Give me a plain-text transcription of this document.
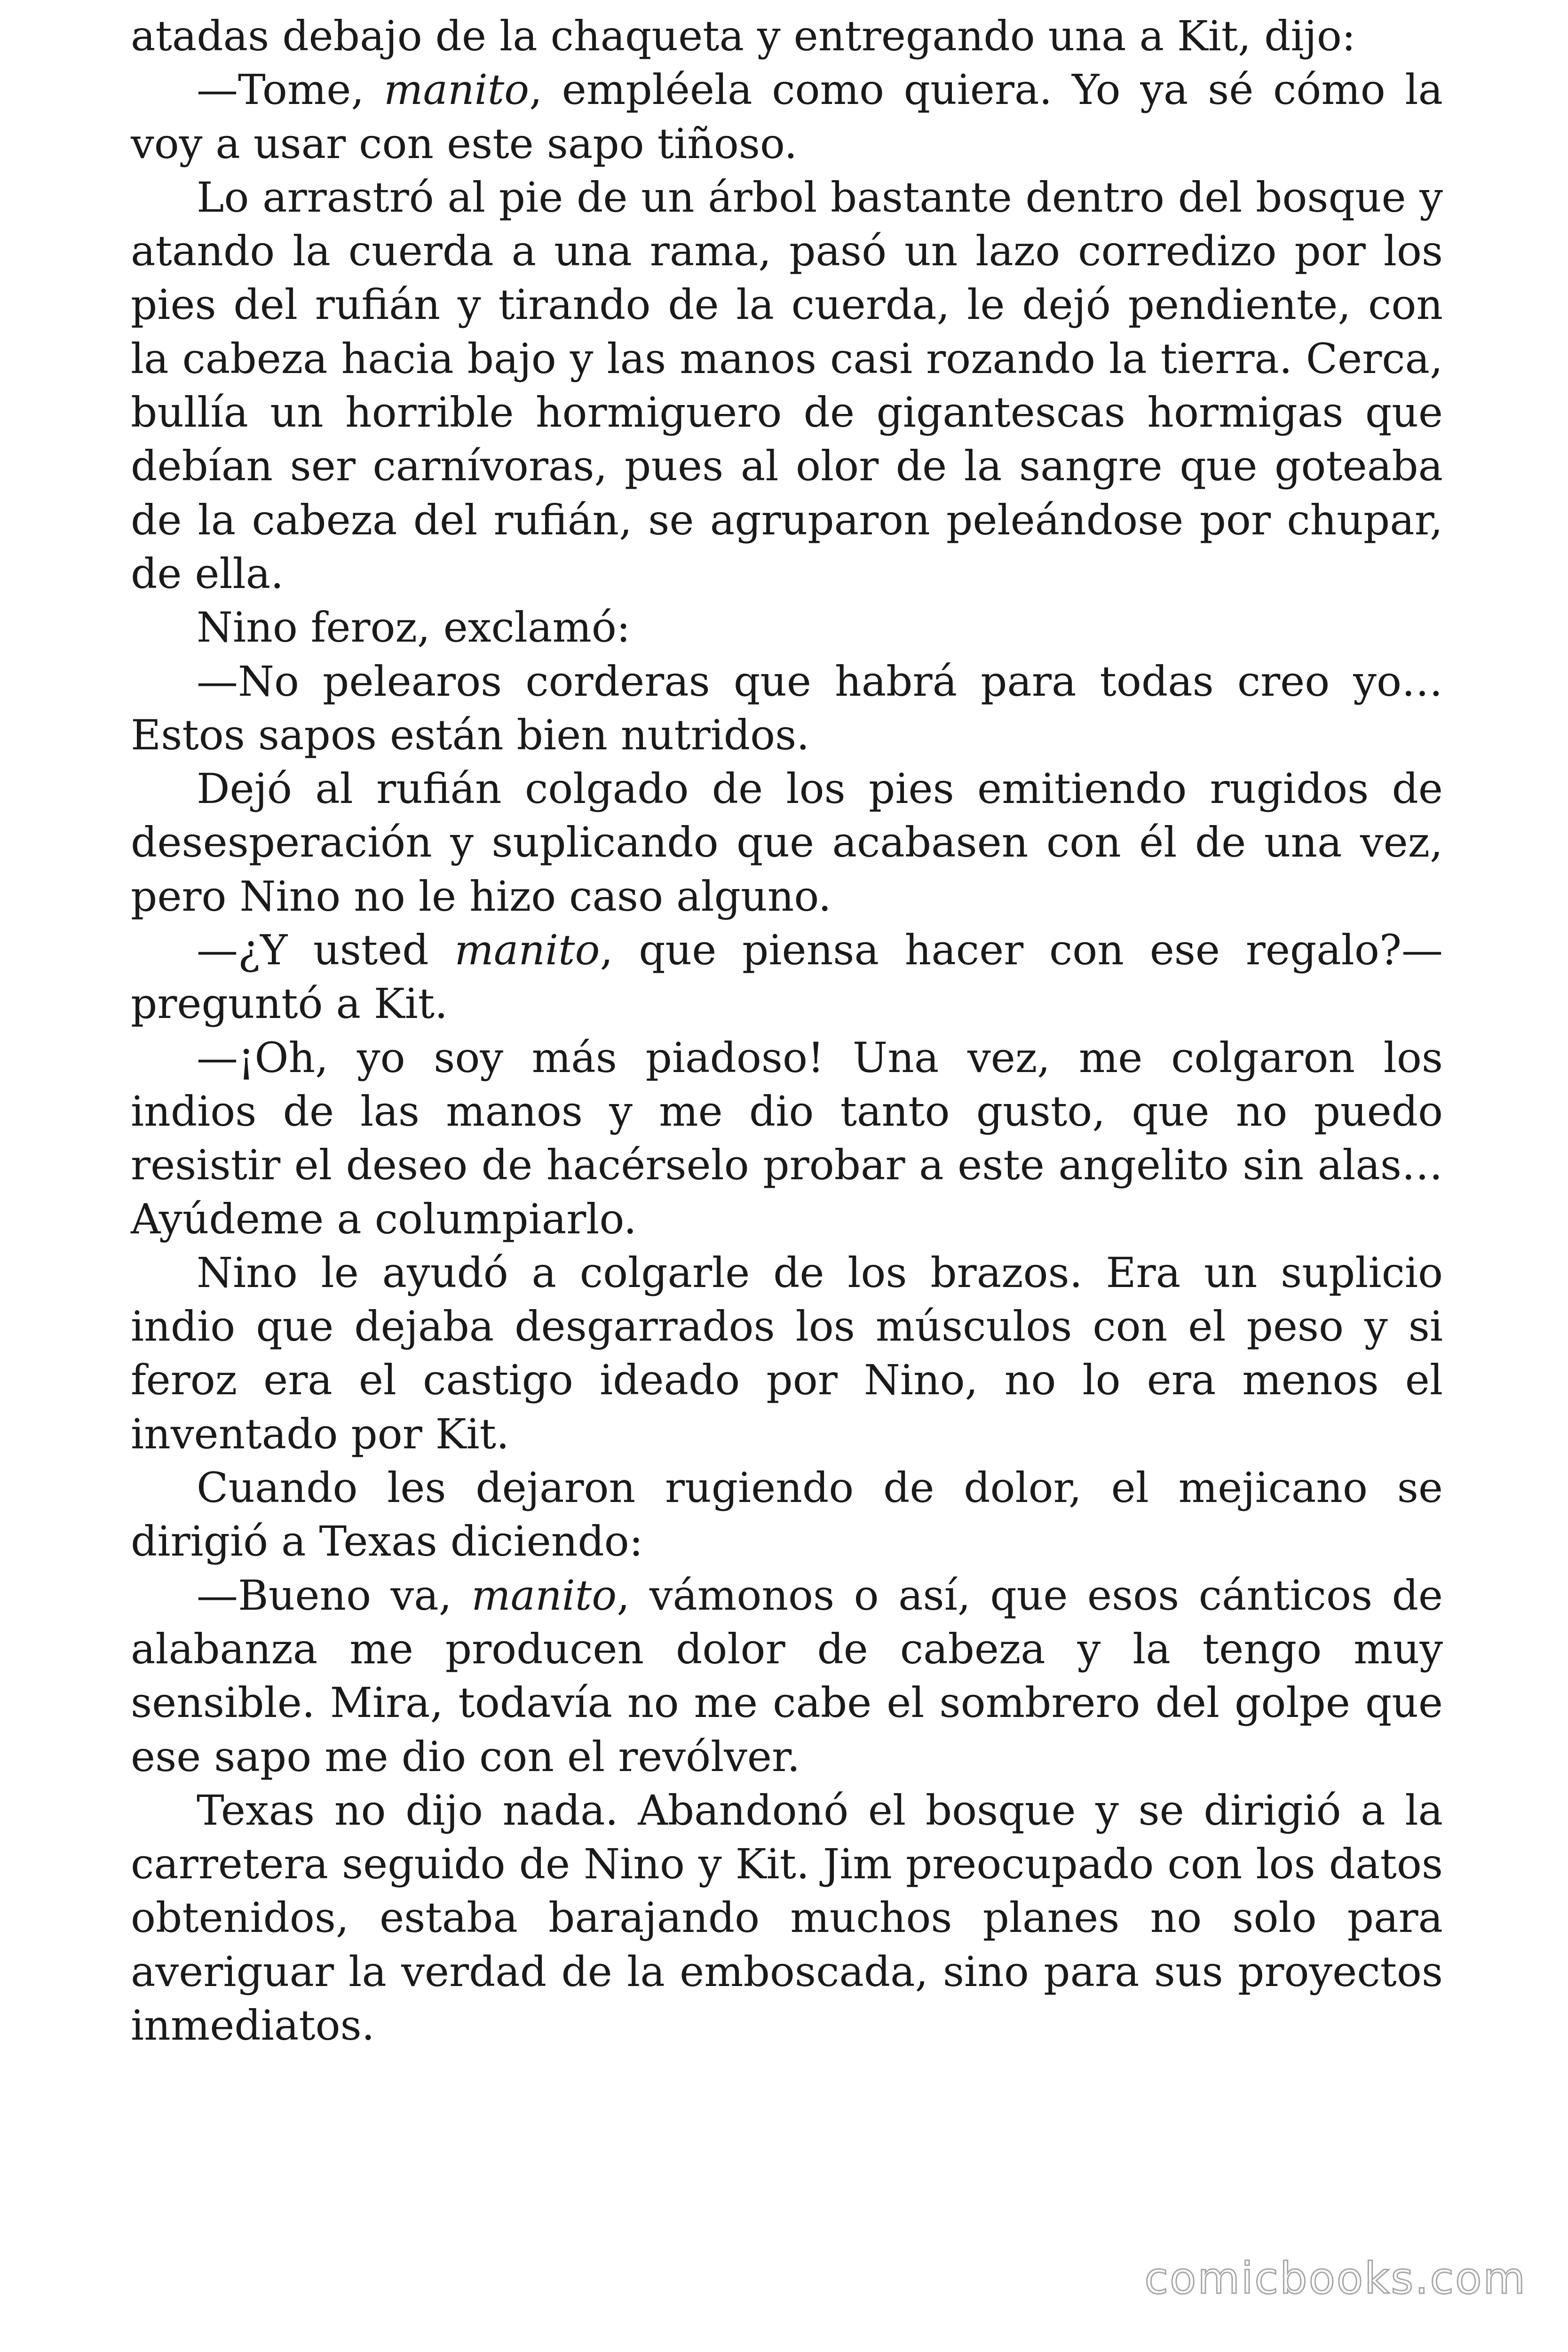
atadas debajo de la chaqueta y entregando una a Kit, dijo:

—Tome, manito, empléela como quiera. Yo ya sé cómo la voy a usar con este sapo tiñoso.

Lo arrastró al pie de un árbol bastante dentro del bosque y atando la cuerda a una rama, pasó un lazo corredizo por los pies del rufián y tirando de la cuerda, le dejó pendiente, con la cabeza hacia bajo y las manos casi rozando la tierra. Cerca, bullía un horrible hormiguero de gigantescas hormigas que debían ser carnívoras, pues al olor de la sangre que goteaba de la cabeza del rufián, se agruparon peleándose por chupar, de ella.

Nino feroz, exclamó:

—No pelearos corderas que habrá para todas creo yo… Estos sapos están bien nutridos.

Dejó al rufián colgado de los pies emitiendo rugidos de desesperación y suplicando que acabasen con él de una vez, pero Nino no le hizo caso alguno.

—¿Y usted manito, que piensa hacer con ese regalo?—preguntó a Kit.

—¡Oh, yo soy más piadoso! Una vez, me colgaron los indios de las manos y me dio tanto gusto, que no puedo resistir el deseo de hacérselo probar a este angelito sin alas… Ayúdeme a columpiarlo.

Nino le ayudó a colgarle de los brazos. Era un suplicio indio que dejaba desgarrados los músculos con el peso y si feroz era el castigo ideado por Nino, no lo era menos el inventado por Kit.

Cuando les dejaron rugiendo de dolor, el mejicano se dirigió a Texas diciendo:

—Bueno va, manito, vámonos o así, que esos cánticos de alabanza me producen dolor de cabeza y la tengo muy sensible. Mira, todavía no me cabe el sombrero del golpe que ese sapo me dio con el revólver.

Texas no dijo nada. Abandonó el bosque y se dirigió a la carretera seguido de Nino y Kit. Jim preocupado con los datos obtenidos, estaba barajando muchos planes no solo para averiguar la verdad de la emboscada, sino para sus proyectos inmediatos.

comicbooks.com
